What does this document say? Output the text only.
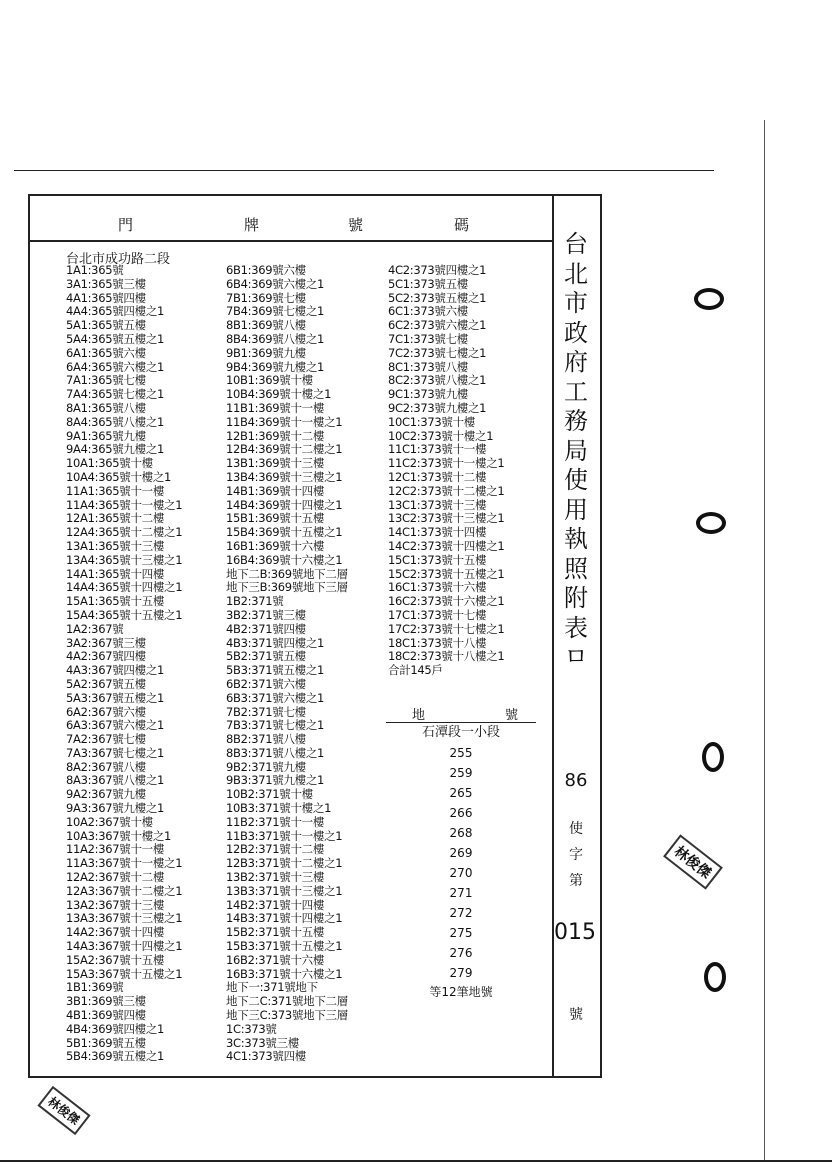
林俊傑
林俊傑
門	牌	號	碼
台北市成功路二段
1A1:365號
3A1:365號三樓
4A1:365號四樓
4A4:365號四樓之1
5A1:365號五樓
5A4:365號五樓之1
6A1:365號六樓
6A4:365號六樓之1
7A1:365號七樓
7A4:365號七樓之1
8A1:365號八樓
8A4:365號八樓之1
9A1:365號九樓
9A4:365號九樓之1
10A1:365號十樓
10A4:365號十樓之1
11A1:365號十一樓
11A4:365號十一樓之1
12A1:365號十二樓
12A4:365號十二樓之1
13A1:365號十三樓
13A4:365號十三樓之1
14A1:365號十四樓
14A4:365號十四樓之1
15A1:365號十五樓
15A4:365號十五樓之1
1A2:367號
3A2:367號三樓
4A2:367號四樓
4A3:367號四樓之1
5A2:367號五樓
5A3:367號五樓之1
6A2:367號六樓
6A3:367號六樓之1
7A2:367號七樓
7A3:367號七樓之1
8A2:367號八樓
8A3:367號八樓之1
9A2:367號九樓
9A3:367號九樓之1
10A2:367號十樓
10A3:367號十樓之1
11A2:367號十一樓
11A3:367號十一樓之1
12A2:367號十二樓
12A3:367號十二樓之1
13A2:367號十三樓
13A3:367號十三樓之1
14A2:367號十四樓
14A3:367號十四樓之1
15A2:367號十五樓
15A3:367號十五樓之1
1B1:369號
3B1:369號三樓
4B1:369號四樓
4B4:369號四樓之1
5B1:369號五樓
5B4:369號五樓之1
6B1:369號六樓
6B4:369號六樓之1
7B1:369號七樓
7B4:369號七樓之1
8B1:369號八樓
8B4:369號八樓之1
9B1:369號九樓
9B4:369號九樓之1
10B1:369號十樓
10B4:369號十樓之1
11B1:369號十一樓
11B4:369號十一樓之1
12B1:369號十二樓
12B4:369號十二樓之1
13B1:369號十三樓
13B4:369號十三樓之1
14B1:369號十四樓
14B4:369號十四樓之1
15B1:369號十五樓
15B4:369號十五樓之1
16B1:369號十六樓
16B4:369號十六樓之1
地下二B:369號地下二層
地下三B:369號地下三層
1B2:371號
3B2:371號三樓
4B2:371號四樓
4B3:371號四樓之1
5B2:371號五樓
5B3:371號五樓之1
6B2:371號六樓
6B3:371號六樓之1
7B2:371號七樓
7B3:371號七樓之1
8B2:371號八樓
8B3:371號八樓之1
9B2:371號九樓
9B3:371號九樓之1
10B2:371號十樓
10B3:371號十樓之1
11B2:371號十一樓
11B3:371號十一樓之1
12B2:371號十二樓
12B3:371號十二樓之1
13B2:371號十三樓
13B3:371號十三樓之1
14B2:371號十四樓
14B3:371號十四樓之1
15B2:371號十五樓
15B3:371號十五樓之1
16B2:371號十六樓
16B3:371號十六樓之1
地下一:371號地下
地下二C:371號地下二層
地下三C:373號地下三層
1C:373號
3C:373號三樓
4C1:373號四樓
4C2:373號四樓之1
5C1:373號五樓
5C2:373號五樓之1
6C1:373號六樓
6C2:373號六樓之1
7C1:373號七樓
7C2:373號七樓之1
8C1:373號八樓
8C2:373號八樓之1
9C1:373號九樓
9C2:373號九樓之1
10C1:373號十樓
10C2:373號十樓之1
11C1:373號十一樓
11C2:373號十一樓之1
12C1:373號十二樓
12C2:373號十二樓之1
13C1:373號十三樓
13C2:373號十三樓之1
14C1:373號十四樓
14C2:373號十四樓之1
15C1:373號十五樓
15C2:373號十五樓之1
16C1:373號十六樓
16C2:373號十六樓之1
17C1:373號十七樓
17C2:373號十七樓之1
18C1:373號十八樓
18C2:373號十八樓之1
合計145戶
地	號
石潭段一小段
255
259
265
266
268
269
270
271
272
275
276
279
等12筆地號
台
北
市
政
府
工
務
局
使
用
執
照
附
表
ㅁ
86
使
字
第
015
號
